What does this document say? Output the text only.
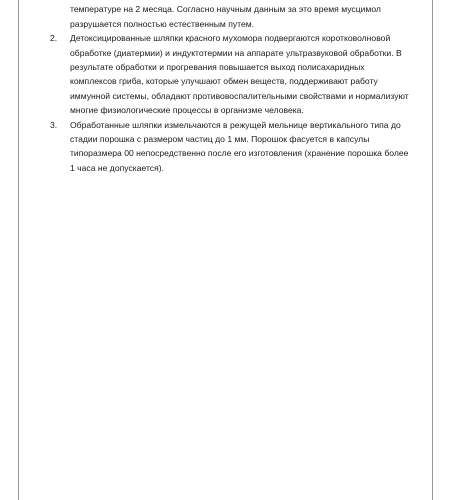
температуре на 2 месяца. Согласно научным данным за это время мусцимол разрушается полностью естественным путем.

2. Детоксицированные шляпки красного мухомора подвергаются коротковолновой обработке (диатермии) и индуктотермии на аппарате ультразвуковой обработки. В результате обработки и прогревания повышается выход полисахаридных комплексов гриба, которые улучшают обмен веществ, поддерживают работу иммунной системы, обладают противовоспалительными свойствами и нормализуют многие физиологические процессы в организме человека.
3. Обработанные шляпки измельчаются в режущей мельнице вертикального типа до стадии порошка с размером частиц до 1 мм. Порошок фасуется в капсулы типоразмера 00 непосредственно после его изготовления (хранение порошка более 1 часа не допускается).
